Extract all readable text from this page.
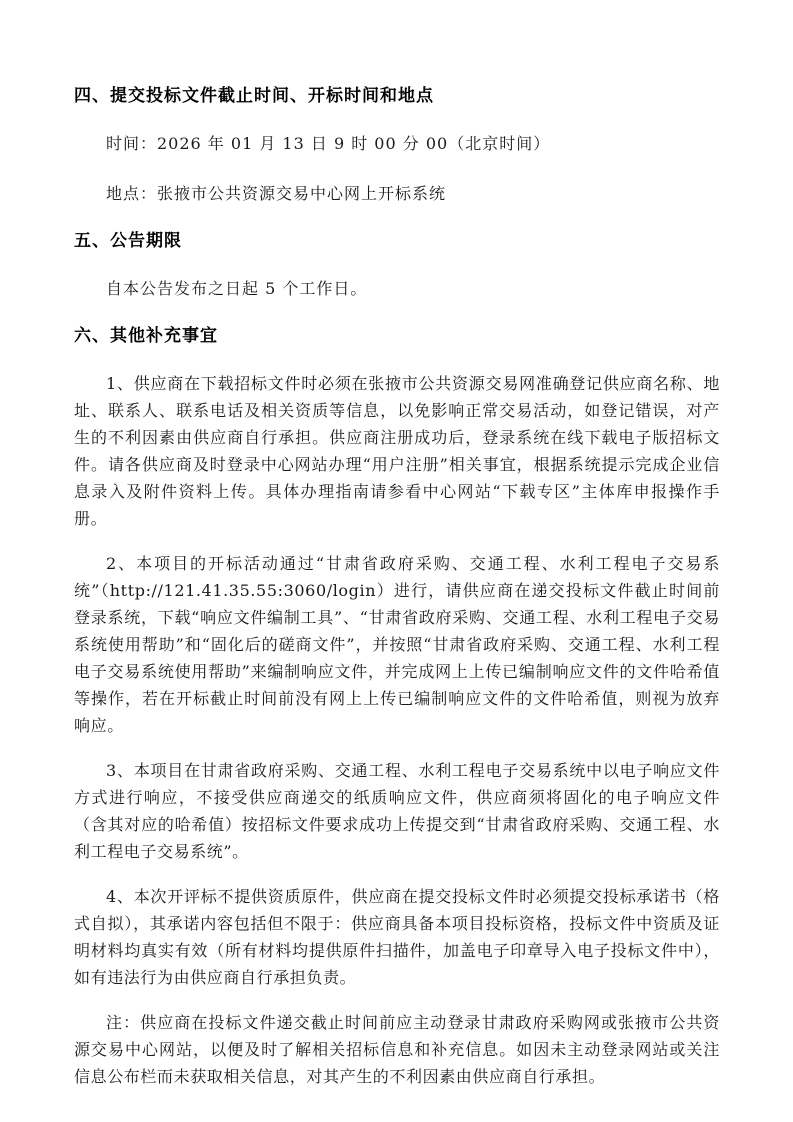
四、提交投标文件截止时间、开标时间和地点

时间：2026 年 01 月 13 日 9 时 00 分 00（北京时间）

地点：张掖市公共资源交易中心网上开标系统

五、公告期限

自本公告发布之日起 5 个工作日。

六、其他补充事宜

1、供应商在下载招标文件时必须在张掖市公共资源交易网准确登记供应商名称、地址、联系人、联系电话及相关资质等信息，以免影响正常交易活动，如登记错误，对产生的不利因素由供应商自行承担。供应商注册成功后，登录系统在线下载电子版招标文件。请各供应商及时登录中心网站办理“用户注册”相关事宜，根据系统提示完成企业信息录入及附件资料上传。具体办理指南请参看中心网站“下载专区”主体库申报操作手册。

2、本项目的开标活动通过“甘肃省政府采购、交通工程、水利工程电子交易系统”（http://121.41.35.55:3060/login）进行，请供应商在递交投标文件截止时间前登录系统，下载“响应文件编制工具”、“甘肃省政府采购、交通工程、水利工程电子交易系统使用帮助”和“固化后的磋商文件”，并按照“甘肃省政府采购、交通工程、水利工程电子交易系统使用帮助”来编制响应文件，并完成网上上传已编制响应文件的文件哈希值等操作，若在开标截止时间前没有网上上传已编制响应文件的文件哈希值，则视为放弃响应。

3、本项目在甘肃省政府采购、交通工程、水利工程电子交易系统中以电子响应文件方式进行响应，不接受供应商递交的纸质响应文件，供应商须将固化的电子响应文件（含其对应的哈希值）按招标文件要求成功上传提交到“甘肃省政府采购、交通工程、水利工程电子交易系统”。

4、本次开评标不提供资质原件，供应商在提交投标文件时必须提交投标承诺书（格式自拟），其承诺内容包括但不限于：供应商具备本项目投标资格，投标文件中资质及证明材料均真实有效（所有材料均提供原件扫描件，加盖电子印章导入电子投标文件中），如有违法行为由供应商自行承担负责。

注：供应商在投标文件递交截止时间前应主动登录甘肃政府采购网或张掖市公共资源交易中心网站，以便及时了解相关招标信息和补充信息。如因未主动登录网站或关注信息公布栏而未获取相关信息，对其产生的不利因素由供应商自行承担。
